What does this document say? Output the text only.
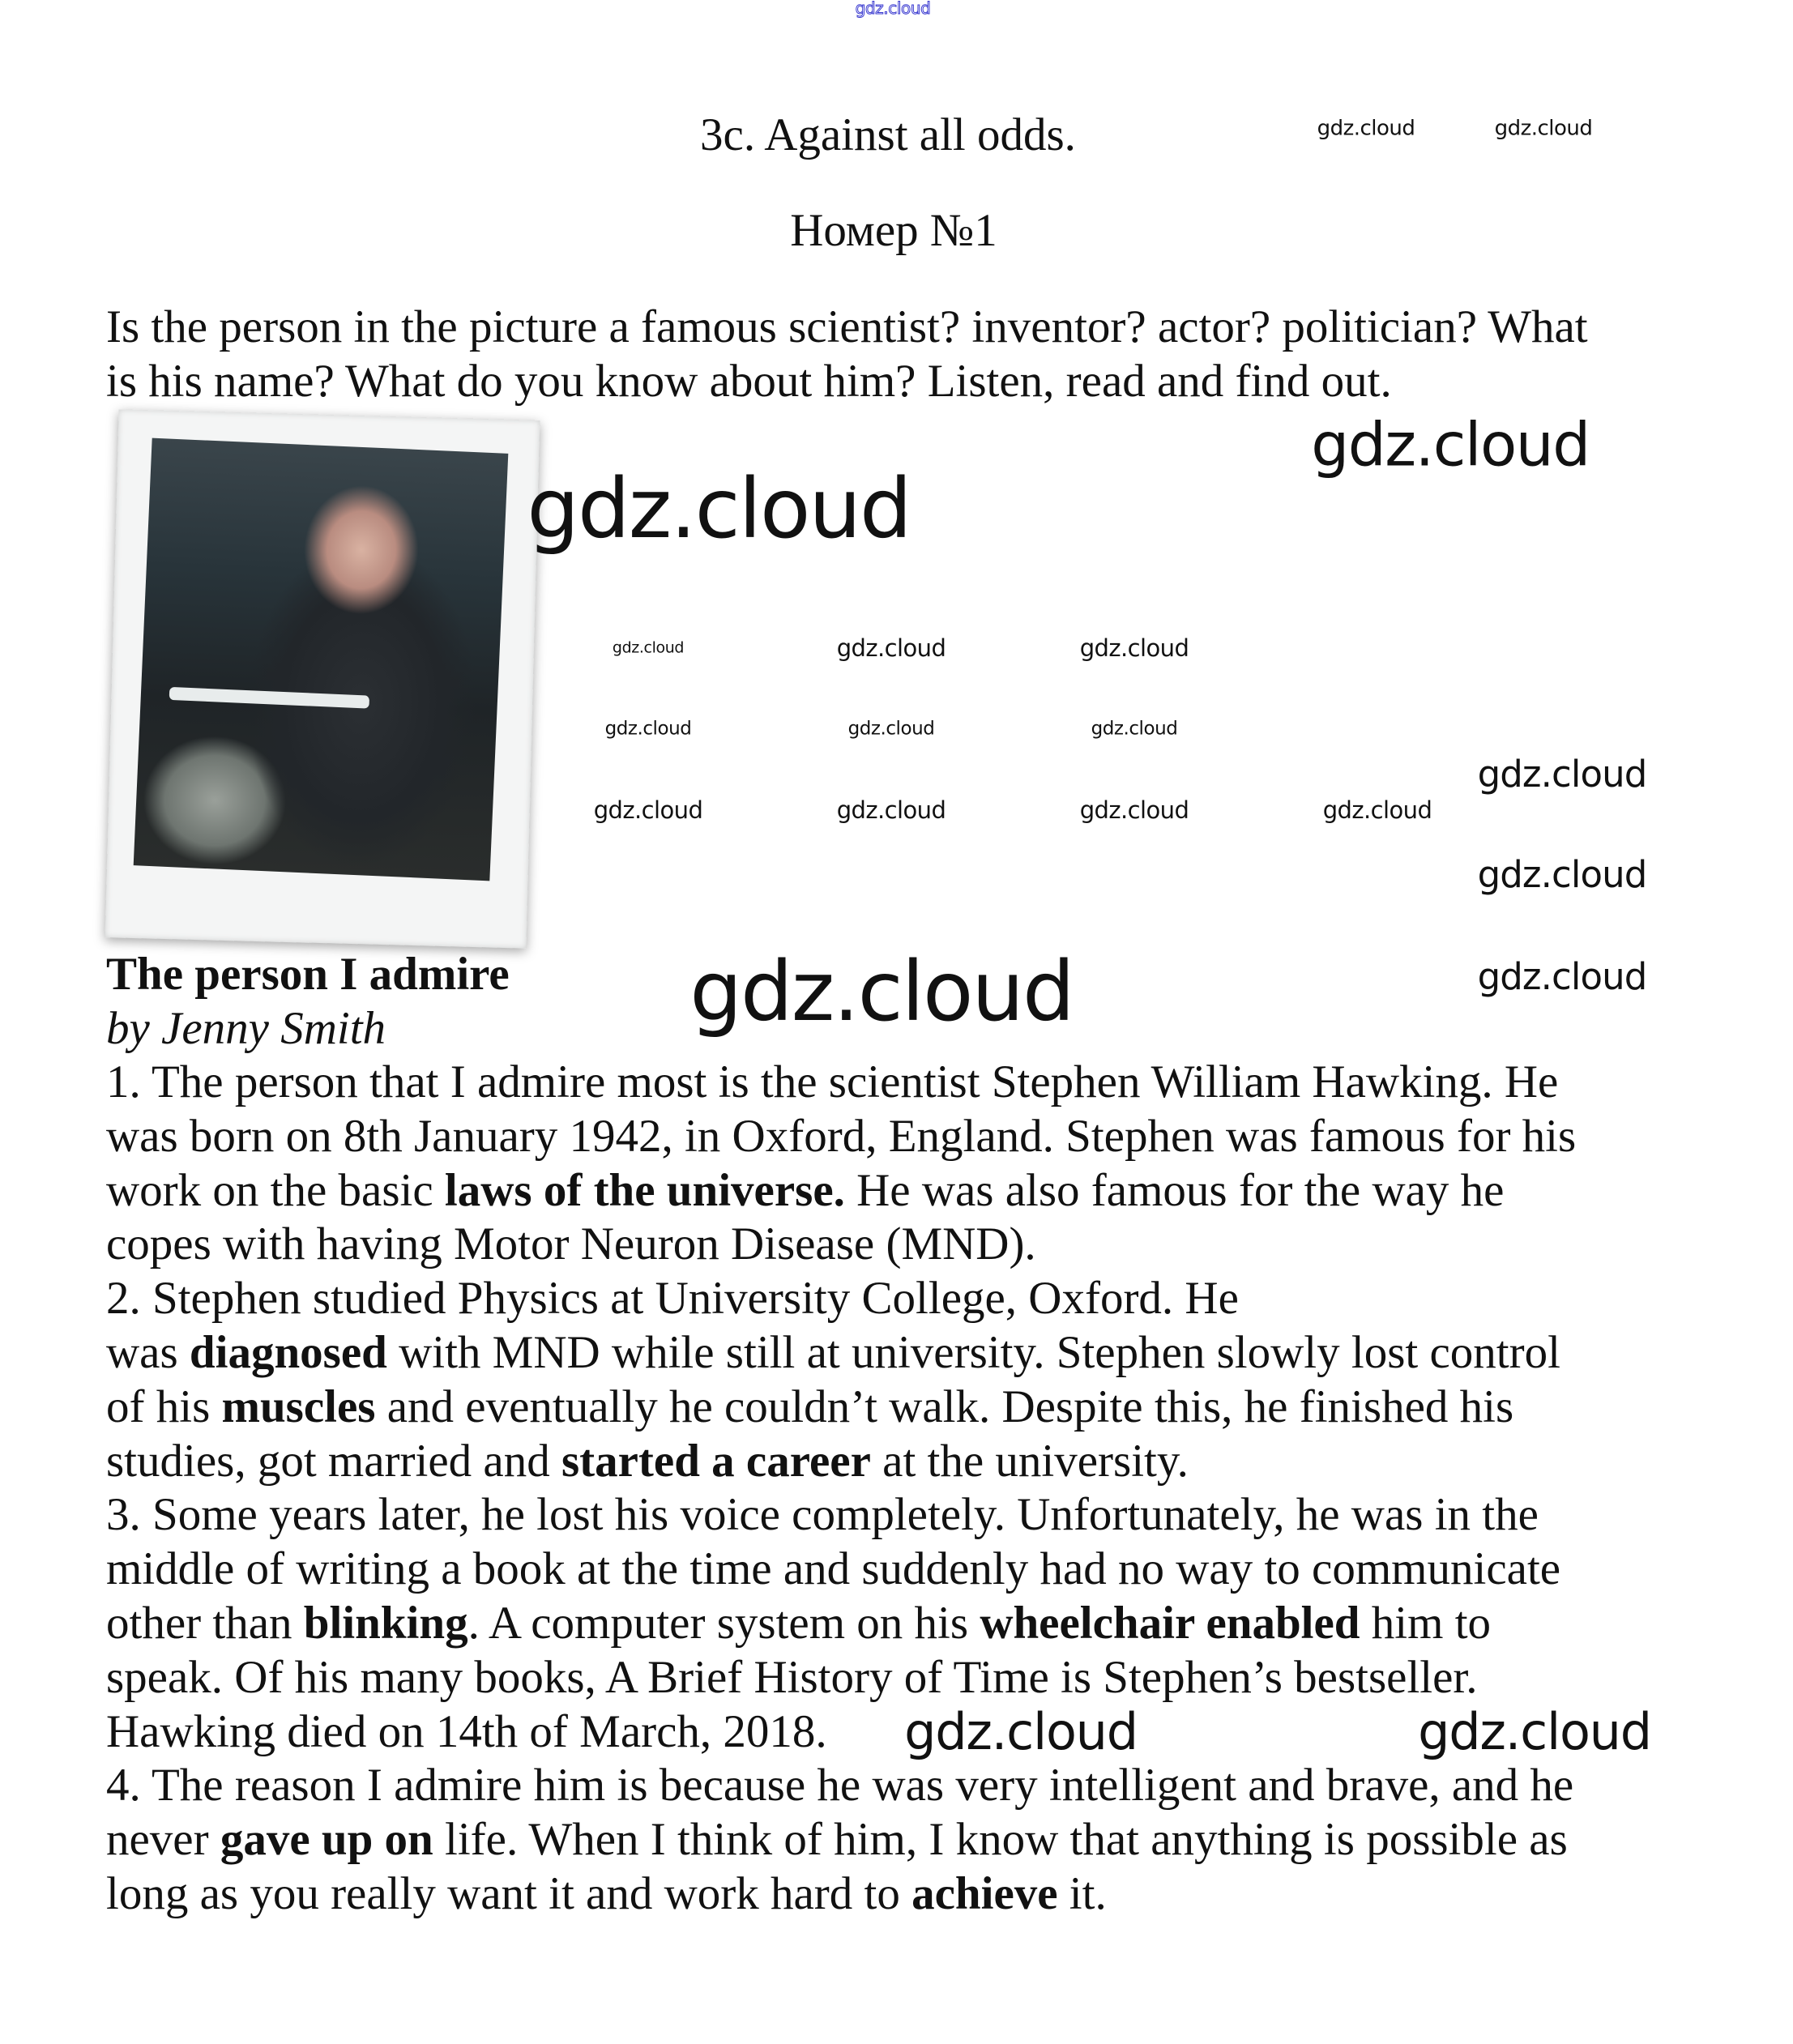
3c. Against all odds.
Номер №1
Is the person in the picture a famous scientist? inventor? actor? politician? What
is his name? What do you know about him? Listen, read and find out.
The person I admire
by Jenny Smith
1. The person that I admire most is the scientist Stephen William Hawking. He
was born on 8th January 1942, in Oxford, England. Stephen was famous for his
work on the basic laws of the universe. He was also famous for the way he
copes with having Motor Neuron Disease (MND).
2. Stephen studied Physics at University College, Oxford. He
was diagnosed with MND while still at university. Stephen slowly lost control
of his muscles and eventually he couldn’t walk. Despite this, he finished his
studies, got married and started a career at the university.
3. Some years later, he lost his voice completely. Unfortunately, he was in the
middle of writing a book at the time and suddenly had no way to communicate
other than blinking. A computer system on his wheelchair enabled him to
speak. Of his many books, A Brief History of Time is Stephen’s bestseller.
Hawking died on 14th of March, 2018.
4. The reason I admire him is because he was very intelligent and brave, and he
never gave up on life. When I think of him, I know that anything is possible as
long as you really want it and work hard to achieve it.
gdz.cloud
gdz.cloud	gdz.cloud
gdz.cloud
gdz.cloud
gdz.cloud
gdz.cloud
gdz.cloud
gdz.cloud	gdz.cloud	gdz.cloud
gdz.cloud	gdz.cloud	gdz.cloud
gdz.cloud	gdz.cloud	gdz.cloud	gdz.cloud
gdz.cloud
gdz.cloud	gdz.cloud
